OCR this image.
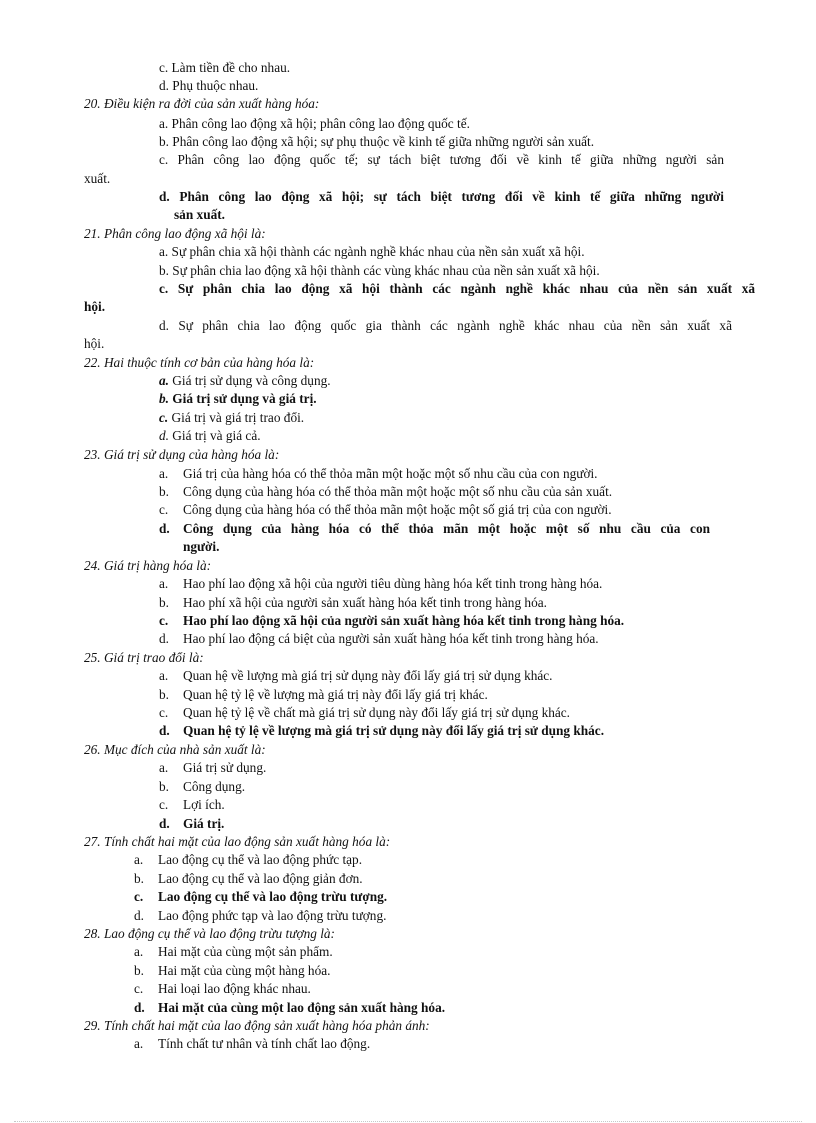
c. Làm tiền đề cho nhau.
d. Phụ thuộc nhau.
20. Điều kiện ra đời của sản xuất hàng hóa:
a. Phân công lao động xã hội; phân công lao động quốc tế.
b. Phân công lao động xã hội; sự phụ thuộc về kinh tế giữa những người sản xuất.
c. Phân công lao động quốc tế; sự tách biệt tương đối về kinh tế giữa những người sản
xuất.
d. Phân công lao động xã hội; sự tách biệt tương đối về kinh tế giữa những người
sản xuất.
21. Phân công lao động xã hội là:
a. Sự phân chia xã hội thành các ngành nghề khác nhau của nền sản xuất xã hội.
b. Sự phân chia lao động xã hội thành các vùng khác nhau của nền sản xuất xã hội.
c. Sự phân chia lao động xã hội thành các ngành nghề khác nhau của nền sản xuất xã
hội.
d. Sự phân chia lao động quốc gia thành các ngành nghề khác nhau của nền sản xuất xã
hội.
22. Hai thuộc tính cơ bản của hàng hóa là:
a. Giá trị sử dụng và công dụng.
b. Giá trị sử dụng và giá trị.
c. Giá trị và giá trị trao đổi.
d. Giá trị và giá cả.
23. Giá trị sử dụng của hàng hóa là:
a. Giá trị của hàng hóa có thể thỏa mãn một hoặc một số nhu cầu của con người.
b. Công dụng của hàng hóa có thể thỏa mãn một hoặc một số nhu cầu của sản xuất.
c. Công dụng của hàng hóa có thể thỏa mãn một hoặc một số giá trị của con người.
d. Công dụng của hàng hóa có thể thỏa mãn một hoặc một số nhu cầu của con
người.
24. Giá trị hàng hóa là:
a. Hao phí lao động xã hội của người tiêu dùng hàng hóa kết tinh trong hàng hóa.
b. Hao phí xã hội của người sản xuất hàng hóa kết tinh trong hàng hóa.
c. Hao phí lao động xã hội của người sản xuất hàng hóa kết tinh trong hàng hóa.
d. Hao phí lao động cá biệt của người sản xuất hàng hóa kết tinh trong hàng hóa.
25. Giá trị trao đổi là:
a. Quan hệ về lượng mà giá trị sử dụng này đổi lấy giá trị sử dụng khác.
b. Quan hệ tỷ lệ về lượng mà giá trị này đổi lấy giá trị khác.
c. Quan hệ tỷ lệ về chất mà giá trị sử dụng này đổi lấy giá trị sử dụng khác.
d. Quan hệ tỷ lệ về lượng mà giá trị sử dụng này đổi lấy giá trị sử dụng khác.
26. Mục đích của nhà sản xuất là:
a. Giá trị sử dụng.
b. Công dụng.
c. Lợi ích.
d. Giá trị.
27. Tính chất hai mặt của lao động sản xuất hàng hóa là:
a. Lao động cụ thể và lao động phức tạp.
b. Lao động cụ thể và lao động giản đơn.
c. Lao động cụ thể và lao động trừu tượng.
d. Lao động phức tạp và lao động trừu tượng.
28. Lao động cụ thể và lao động trừu tượng là:
a. Hai mặt của cùng một sản phẩm.
b. Hai mặt của cùng một hàng hóa.
c. Hai loại lao động khác nhau.
d. Hai mặt của cùng một lao động sản xuất hàng hóa.
29. Tính chất hai mặt của lao động sản xuất hàng hóa phản ánh:
a. Tính chất tư nhân và tính chất lao động.
